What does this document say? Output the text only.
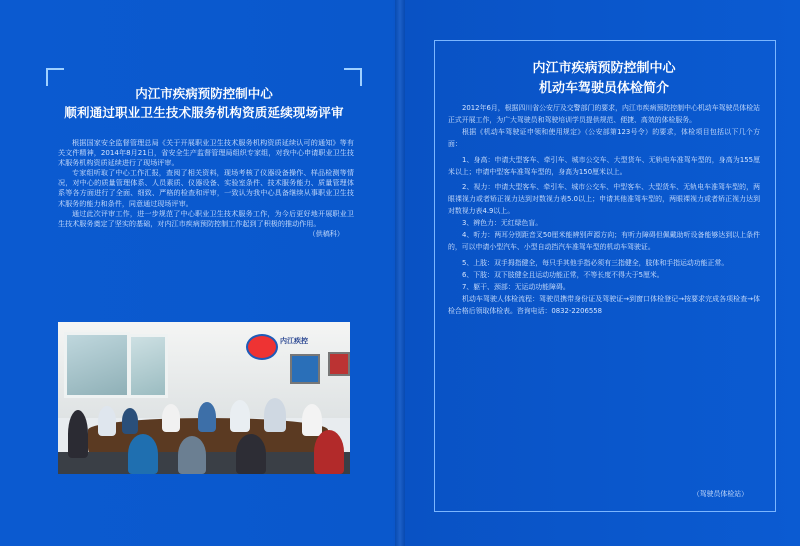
内江市疾病预防控制中心
顺利通过职业卫生技术服务机构资质延续现场评审

根据国家安全监督管理总局《关于开展职业卫生技术服务机构资质延续认可的通知》等有关文件精神，2014年8月21日，省安全生产监督管理局组织专家组，对我中心申请职业卫生技术服务机构资质延续进行了现场评审。

专家组听取了中心工作汇报，查阅了相关资料，现场考核了仪器设备操作、样品检测等情况，对中心的质量管理体系、人员素质、仪器设备、实验室条件、技术服务能力、质量管理体系等各方面进行了全面、细致、严格的检查和评审，一致认为我中心具备继续从事职业卫生技术服务的能力和条件，同意通过现场评审。

通过此次评审工作，进一步规范了中心职业卫生技术服务工作，为今后更好地开展职业卫生技术服务奠定了坚实的基础，对内江市疾病预防控制工作起到了积极的推动作用。

（供稿科）

内江疾控
内江市疾病预防控制中心
机动车驾驶员体检简介

2012年6月，根据四川省公安厅及交警部门的要求，内江市疾病预防控制中心机动车驾驶员体检站正式开展工作，为广大驾驶员和驾驶培训学员提供规范、便捷、高效的体检服务。

根据《机动车驾驶证申领和使用规定》（公安部第123号令）的要求，体检项目包括以下几个方面：

1、身高：申请大型客车、牵引车、城市公交车、大型货车、无轨电车准驾车型的，身高为155厘米以上；申请中型客车准驾车型的，身高为150厘米以上。

2、视力：申请大型客车、牵引车、城市公交车、中型客车、大型货车、无轨电车准驾车型的，两眼裸视力或者矫正视力达到对数视力表5.0以上；申请其他准驾车型的，两眼裸视力或者矫正视力达到对数视力表4.9以上。

3、辨色力：无红绿色盲。

4、听力：两耳分别距音叉50厘米能辨别声源方向；有听力障碍但佩戴助听设备能够达到以上条件的，可以申请小型汽车、小型自动挡汽车准驾车型的机动车驾驶证。

5、上肢：双手拇指健全，每只手其他手指必须有三指健全，肢体和手指运动功能正常。

6、下肢：双下肢健全且运动功能正常，不等长度不得大于5厘米。

7、躯干、颈部：无运动功能障碍。

机动车驾驶人体检流程：驾驶员携带身份证及驾驶证→到窗口体检登记→按要求完成各项检查→体检合格后领取体检表。咨询电话：0832-2206558

（驾驶员体检站）
